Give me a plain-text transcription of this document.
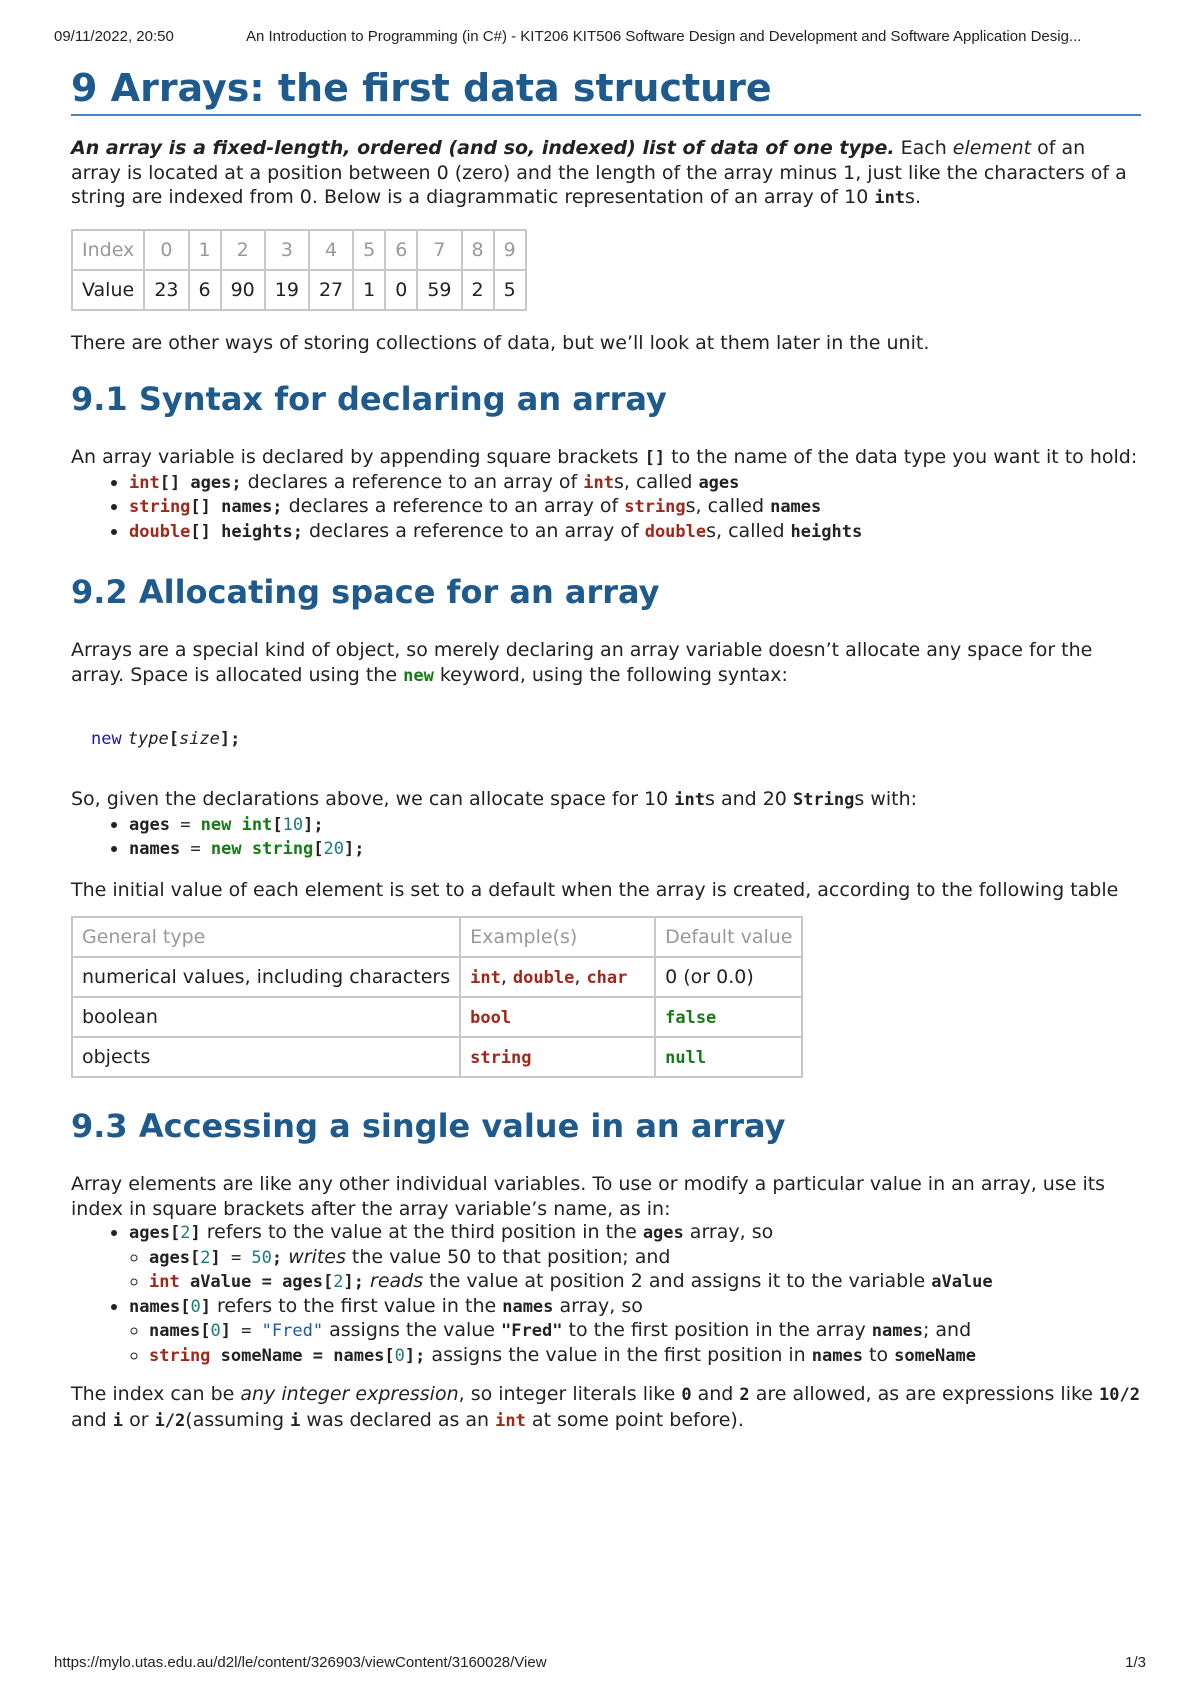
09/11/2022, 20:50	An Introduction to Programming (in C#) - KIT206 KIT506 Software Design and Development and Software Application Desig...
9 Arrays: the first data structure

An array is a fixed-length, ordered (and so, indexed) list of data of one type. Each element of an array is located at a position between 0 (zero) and the length of the array minus 1, just like the characters of a string are indexed from 0. Below is a diagrammatic representation of an array of 10 ints.

Index	0	1	2	3	4	5	6	7	8	9
Value	23	6	90	19	27	1	0	59	2	5

There are other ways of storing collections of data, but we’ll look at them later in the unit.

9.1 Syntax for declaring an array

An array variable is declared by appending square brackets [] to the name of the data type you want it to hold:

• int[] ages; declares a reference to an array of ints, called ages
• string[] names; declares a reference to an array of strings, called names
• double[] heights; declares a reference to an array of doubles, called heights
9.2 Allocating space for an array

Arrays are a special kind of object, so merely declaring an array variable doesn’t allocate any space for the array. Space is allocated using the new keyword, using the following syntax:

new type[size];

So, given the declarations above, we can allocate space for 10 ints and 20 Strings with:

• ages = new int[10];
• names = new string[20];

The initial value of each element is set to a default when the array is created, according to the following table

General type	Example(s)	Default value
numerical values, including characters	int, double, char	0 (or 0.0)
boolean	bool	false
objects	string	null
9.3 Accessing a single value in an array

Array elements are like any other individual variables. To use or modify a particular value in an array, use its index in square brackets after the array variable’s name, as in:

• ages[2] refers to the value at the third position in the ages array, so
◦ ages[2] = 50; writes the value 50 to that position; and
◦ int aValue = ages[2]; reads the value at position 2 and assigns it to the variable aValue
• names[0] refers to the first value in the names array, so
◦ names[0] = "Fred" assigns the value "Fred" to the first position in the array names; and
◦ string someName = names[0]; assigns the value in the first position in names to someName

The index can be any integer expression, so integer literals like 0 and 2 are allowed, as are expressions like 10/2 and i or i/2(assuming i was declared as an int at some point before).

https://mylo.utas.edu.au/d2l/le/content/326903/viewContent/3160028/View	1/3
